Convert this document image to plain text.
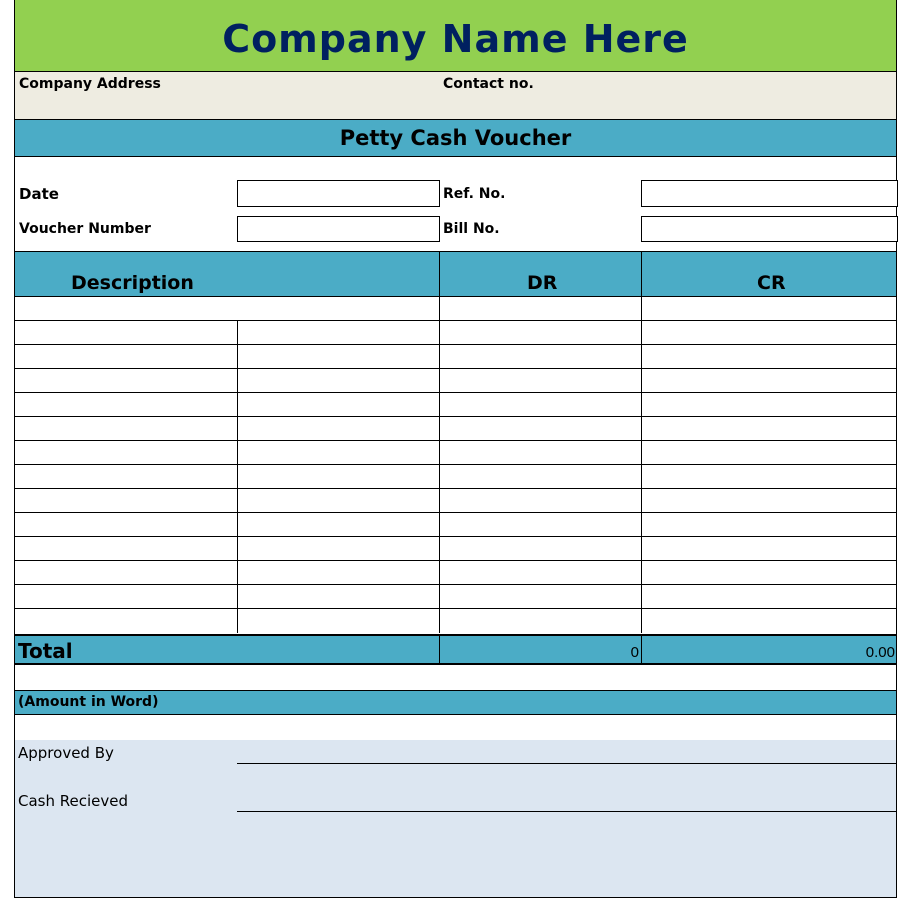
Company Name Here
Company Address	Contact no.
Petty Cash Voucher
Date	Ref. No.
Voucher Number	Bill No.
Description	DR	CR
Total	0	0.00
(Amount in Word)
Approved By
Cash Recieved
